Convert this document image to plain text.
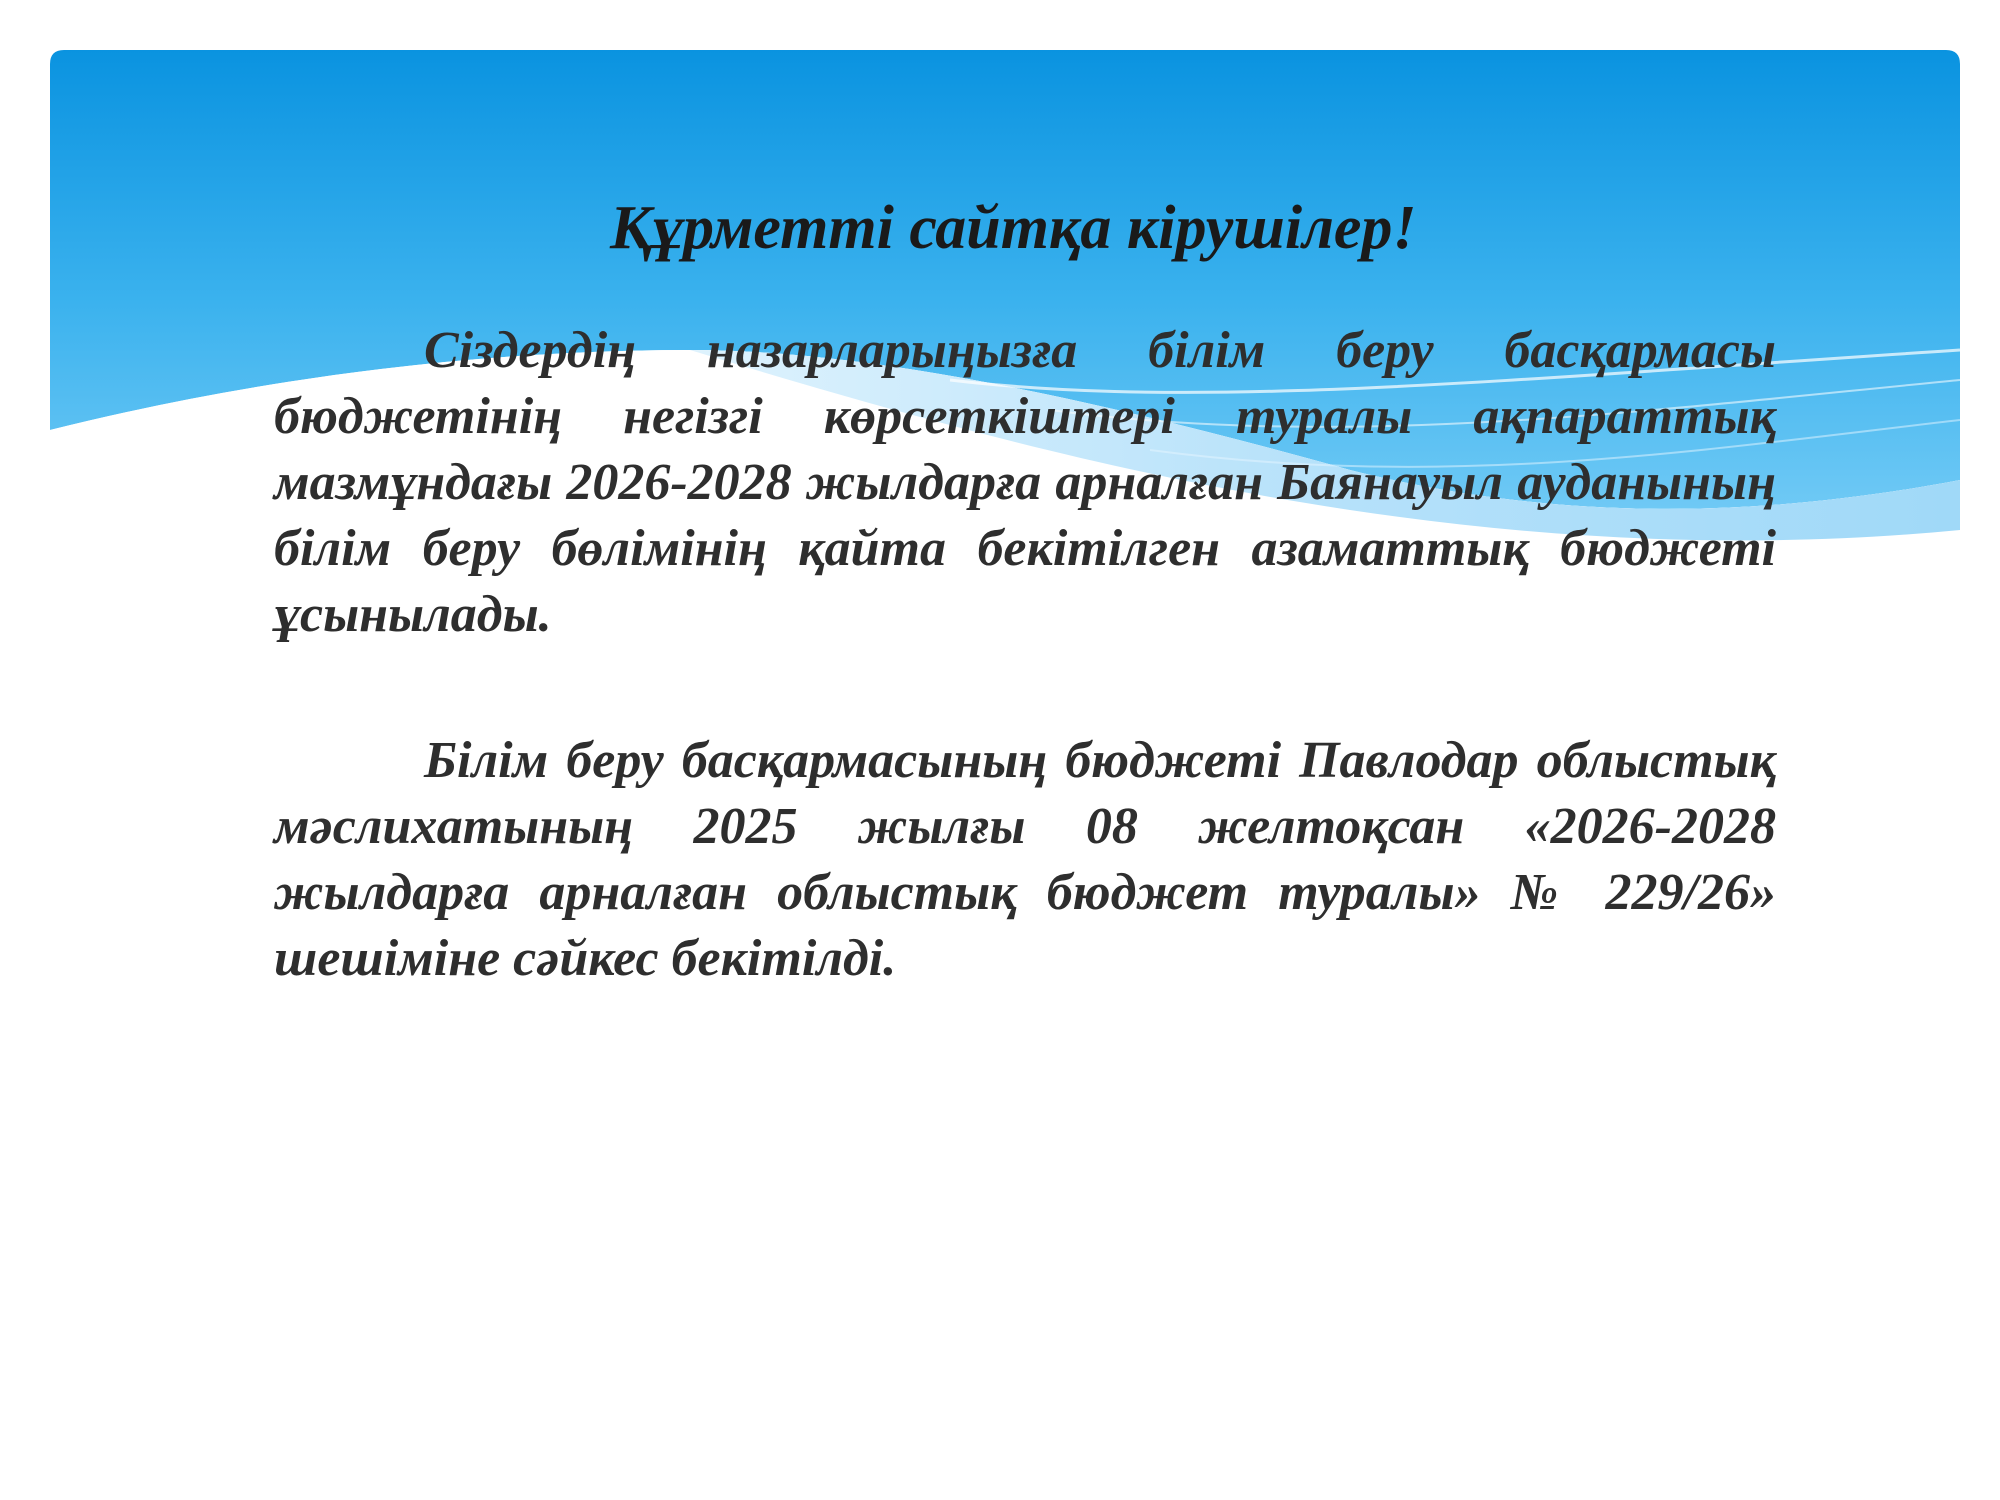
Құрметті сайтқа кірушілер!

Сіздердің назарларыңызға білім беру басқармасы бюджетінің негізгі көрсеткіштері туралы ақпараттық мазмұндағы 2026-2028 жылдарға арналған Баянауыл ауданының білім беру бөлімінің қайта бекітілген азаматтық бюджеті ұсынылады.

Білім беру басқармасының бюджеті Павлодар облыстық мәслихатының 2025 жылғы 08 желтоқсан «2026-2028 жылдарға арналған облыстық бюджет туралы» № 229/26» шешіміне сәйкес бекітілді.
